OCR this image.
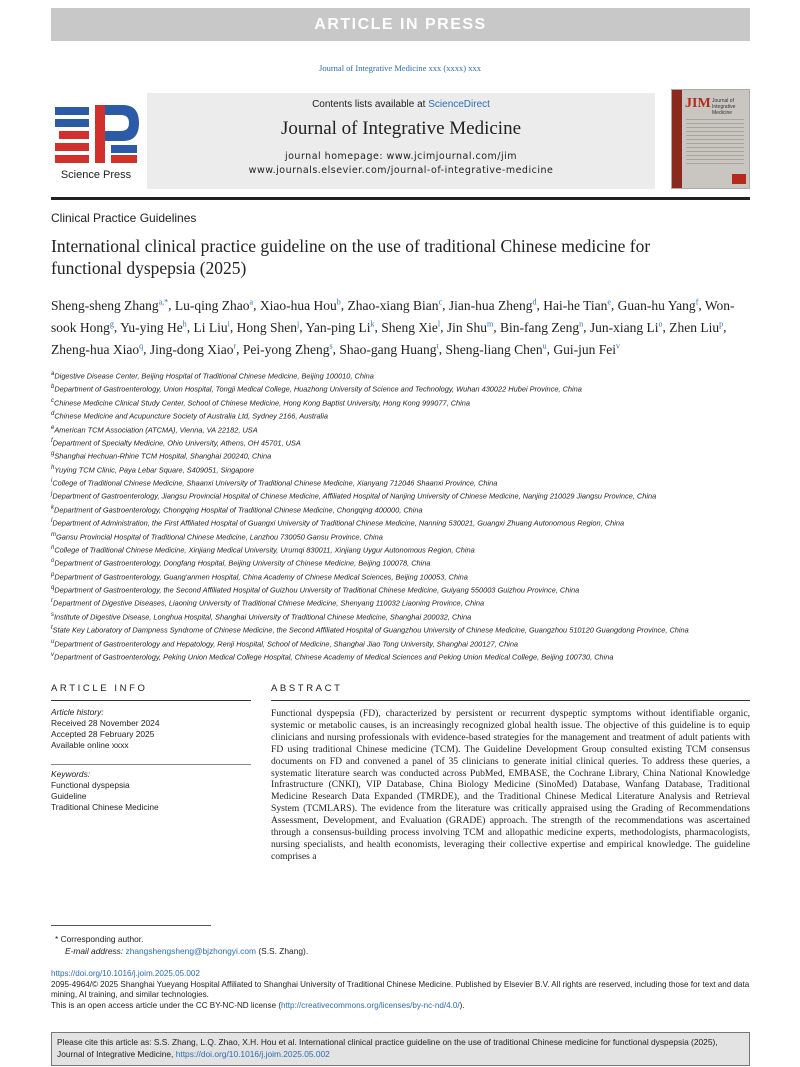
ARTICLE IN PRESS
Journal of Integrative Medicine xxx (xxxx) xxx
Science Press
Contents lists available at ScienceDirect
Journal of Integrative Medicine
journal homepage: www.jcimjournal.com/jim
www.journals.elsevier.com/journal-of-integrative-medicine
JIM Journal of Integrative Medicine
Clinical Practice Guidelines
International clinical practice guideline on the use of traditional Chinese medicine for functional dyspepsia (2025)
Sheng-sheng Zhang$^{a,*}$, Lu-qing Zhao$^a$, Xiao-hua Hou$^b$, Zhao-xiang Bian$^c$, Jian-hua Zheng$^d$, Hai-he Tian$^e$, Guan-hu Yang$^f$, Won-sook Hong$^g$, Yu-ying He$^h$, Li Liu$^i$, Hong Shen$^j$, Yan-ping Li$^k$, Sheng Xie$^l$, Jin Shu$^m$, Bin-fang Zeng$^n$, Jun-xiang Li$^o$, Zhen Liu$^p$, Zheng-hua Xiao$^q$, Jing-dong Xiao$^r$, Pei-yong Zheng$^s$, Shao-gang Huang$^t$, Sheng-liang Chen$^u$, Gui-jun Fei$^v$
$^a$Digestive Disease Center, Beijing Hospital of Traditional Chinese Medicine, Beijing 100010, China
$^b$Department of Gastroenterology, Union Hospital, Tongji Medical College, Huazhong University of Science and Technology, Wuhan 430022 Hubei Province, China
$^c$Chinese Medicine Clinical Study Center, School of Chinese Medicine, Hong Kong Baptist University, Hong Kong 999077, China
$^d$Chinese Medicine and Acupuncture Society of Australia Ltd, Sydney 2166, Australia
$^e$American TCM Association (ATCMA), Vienna, VA 22182, USA
$^f$Department of Specialty Medicine, Ohio University, Athens, OH 45701, USA
$^g$Shanghai Hechuan-Rhine TCM Hospital, Shanghai 200240, China
$^h$Yuying TCM Clinic, Paya Lebar Square, S409051, Singapore
$^i$College of Traditional Chinese Medicine, Shaanxi University of Traditional Chinese Medicine, Xianyang 712046 Shaanxi Province, China
$^j$Department of Gastroenterology, Jiangsu Provincial Hospital of Chinese Medicine, Affiliated Hospital of Nanjing University of Chinese Medicine, Nanjing 210029 Jiangsu Province, China
$^k$Department of Gastroenterology, Chongqing Hospital of Traditional Chinese Medicine, Chongqing 400000, China
$^l$Department of Administration, the First Affiliated Hospital of Guangxi University of Traditional Chinese Medicine, Nanning 530021, Guangxi Zhuang Autonomous Region, China
$^m$Gansu Provincial Hospital of Traditional Chinese Medicine, Lanzhou 730050 Gansu Province, China
$^n$College of Traditional Chinese Medicine, Xinjiang Medical University, Urumqi 830011, Xinjiang Uygur Autonomous Region, China
$^o$Department of Gastroenterology, Dongfang Hospital, Beijing University of Chinese Medicine, Beijing 100078, China
$^p$Department of Gastroenterology, Guang'anmen Hospital, China Academy of Chinese Medical Sciences, Beijing 100053, China
$^q$Department of Gastroenterology, the Second Affiliated Hospital of Guizhou University of Traditional Chinese Medicine, Guiyang 550003 Guizhou Province, China
$^r$Department of Digestive Diseases, Liaoning University of Traditional Chinese Medicine, Shenyang 110032 Liaoning Province, China
$^s$Institute of Digestive Disease, Longhua Hospital, Shanghai University of Traditional Chinese Medicine, Shanghai 200032, China
$^t$State Key Laboratory of Dampness Syndrome of Chinese Medicine, the Second Affiliated Hospital of Guangzhou University of Chinese Medicine, Guangzhou 510120 Guangdong Province, China
$^u$Department of Gastroenterology and Hepatology, Renji Hospital, School of Medicine, Shanghai Jiao Tong University, Shanghai 200127, China
$^v$Department of Gastroenterology, Peking Union Medical College Hospital, Chinese Academy of Medical Sciences and Peking Union Medical College, Beijing 100730, China
ARTICLE INFO	ABSTRACT
Article history:
Received 28 November 2024
Accepted 28 February 2025
Available online xxxx
Keywords:
Functional dyspepsia
Guideline
Traditional Chinese Medicine
Functional dyspepsia (FD), characterized by persistent or recurrent dyspeptic symptoms without identifiable organic, systemic or metabolic causes, is an increasingly recognized global health issue. The objective of this guideline is to equip clinicians and nursing professionals with evidence-based strategies for the management and treatment of adult patients with FD using traditional Chinese medicine (TCM). The Guideline Development Group consulted existing TCM consensus documents on FD and convened a panel of 35 clinicians to generate initial clinical queries. To address these queries, a systematic literature search was conducted across PubMed, EMBASE, the Cochrane Library, China National Knowledge Infrastructure (CNKI), VIP Database, China Biology Medicine (SinoMed) Database, Wanfang Database, Traditional Medicine Research Data Expanded (TMRDE), and the Traditional Chinese Medical Literature Analysis and Retrieval System (TCMLARS). The evidence from the literature was critically appraised using the Grading of Recommendations Assessment, Development, and Evaluation (GRADE) approach. The strength of the recommendations was ascertained through a consensus-building process involving TCM and allopathic medicine experts, methodologists, pharmacologists, nursing specialists, and health economists, leveraging their collective expertise and empirical knowledge. The guideline comprises a
* Corresponding author.
E-mail address: zhangshengsheng@bjzhongyi.com (S.S. Zhang).
https://doi.org/10.1016/j.joim.2025.05.002
2095-4964/© 2025 Shanghai Yueyang Hospital Affiliated to Shanghai University of Traditional Chinese Medicine. Published by Elsevier B.V. All rights are reserved, including those for text and data mining, AI training, and similar technologies.
This is an open access article under the CC BY-NC-ND license (http://creativecommons.org/licenses/by-nc-nd/4.0/).
Please cite this article as: S.S. Zhang, L.Q. Zhao, X.H. Hou et al. International clinical practice guideline on the use of traditional Chinese medicine for functional dyspepsia (2025), Journal of Integrative Medicine, https://doi.org/10.1016/j.joim.2025.05.002
